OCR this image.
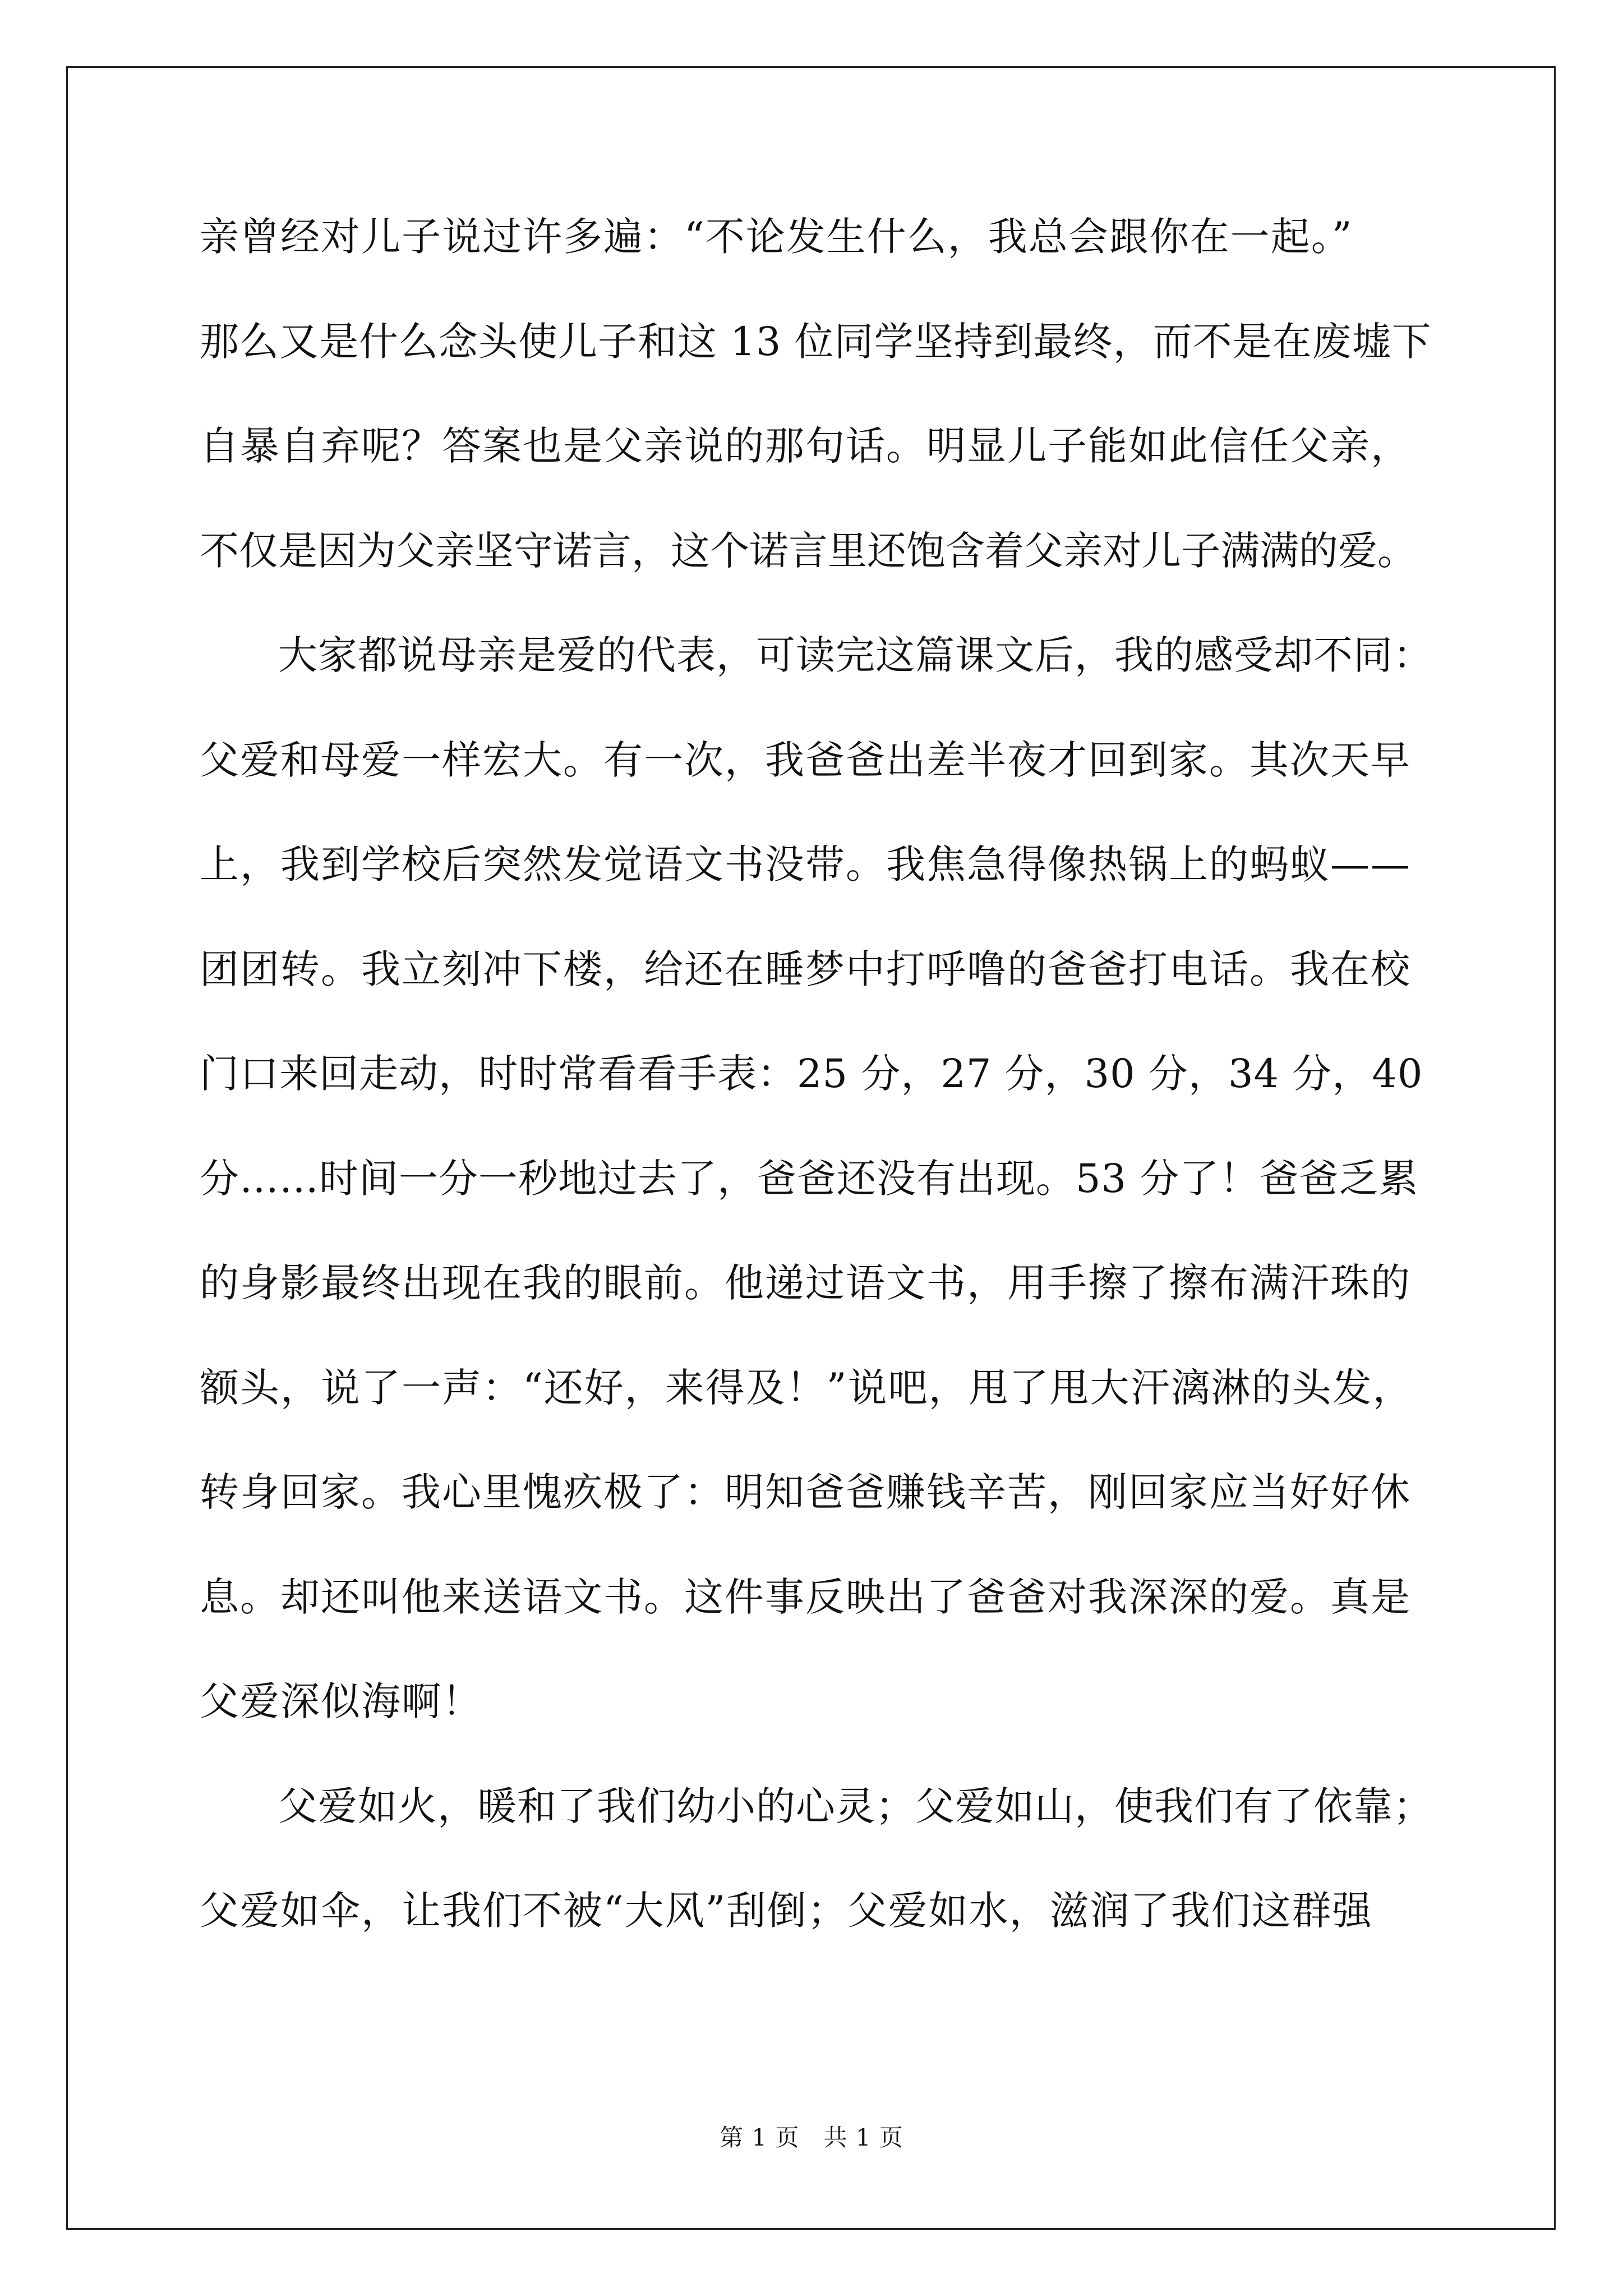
亲曾经对儿子说过许多遍：“不论发生什么，我总会跟你在一起。”
那么又是什么念头使儿子和这 13 位同学坚持到最终，而不是在废墟下
自暴自弃呢？答案也是父亲说的那句话。明显儿子能如此信任父亲，
不仅是因为父亲坚守诺言，这个诺言里还饱含着父亲对儿子满满的爱。
大家都说母亲是爱的代表，可读完这篇课文后，我的感受却不同：
父爱和母爱一样宏大。有一次，我爸爸出差半夜才回到家。其次天早
上，我到学校后突然发觉语文书没带。我焦急得像热锅上的蚂蚁——
团团转。我立刻冲下楼，给还在睡梦中打呼噜的爸爸打电话。我在校
门口来回走动，时时常看看手表：25 分，27 分，30 分，34 分，40
分……时间一分一秒地过去了，爸爸还没有出现。53 分了！爸爸乏累
的身影最终出现在我的眼前。他递过语文书，用手擦了擦布满汗珠的
额头，说了一声：“还好，来得及！”说吧，甩了甩大汗漓淋的头发，
转身回家。我心里愧疚极了：明知爸爸赚钱辛苦，刚回家应当好好休
息。却还叫他来送语文书。这件事反映出了爸爸对我深深的爱。真是
父爱深似海啊！
父爱如火，暖和了我们幼小的心灵；父爱如山，使我们有了依靠；
父爱如伞，让我们不被“大风”刮倒；父爱如水，滋润了我们这群强
第 1 页　共 1 页
